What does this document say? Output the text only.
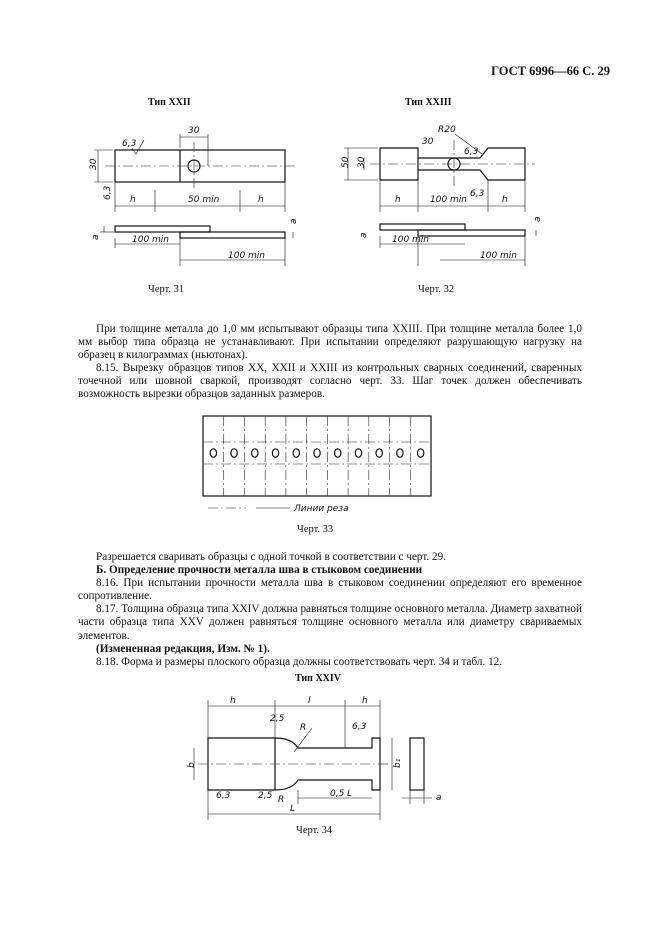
ГОСТ 6996—66 С. 29
Тип XXII
30
6,3
30
6,3 h	50 min	h
a
a
100 min
100 min
Черт. 31
Тип XXIII
R20
30
6,3
50 30
h	100 min
6,3
h
a
a
100 min
100 min
Черт. 32

При толщине металла до 1,0 мм испытывают образцы типа XXIII. При толщине металла более 1,0 мм выбор типа образца не устанавливают. При испытании определяют разрушающую нагрузку на образец в килограммах (ньютонах).

8.15. Вырезку образцов типов XX, XXII и XXIII из контрольных сварных соединений, сваренных точечной или шовной сваркой, производят согласно черт. 33. Шаг точек должен обеспечивать возможность вырезки образцов заданных размеров.

Линии реза
Черт. 33

Разрешается сваривать образцы с одной точкой в соответствии с черт. 29.

Б. Определение прочности металла шва в стыковом соединении

8.16. При испытании прочности металла шва в стыковом соединении определяют его временное сопротивление.

8.17. Толщина образца типа XXIV должна равняться толщине основного металла. Диаметр захватной части образца типа XXV должен равняться толщине основного металла или диаметру свариваемых элементов.

(Измененная редакция, Изм. № 1).

8.18. Форма и размеры плоского образца должны соответствовать черт. 34 и табл. 12.

Тип XXIV
h	l	h
2,5
R	6,3
b	b₁
6,3	2,5 R
0,5 L
L
a
Черт. 34
